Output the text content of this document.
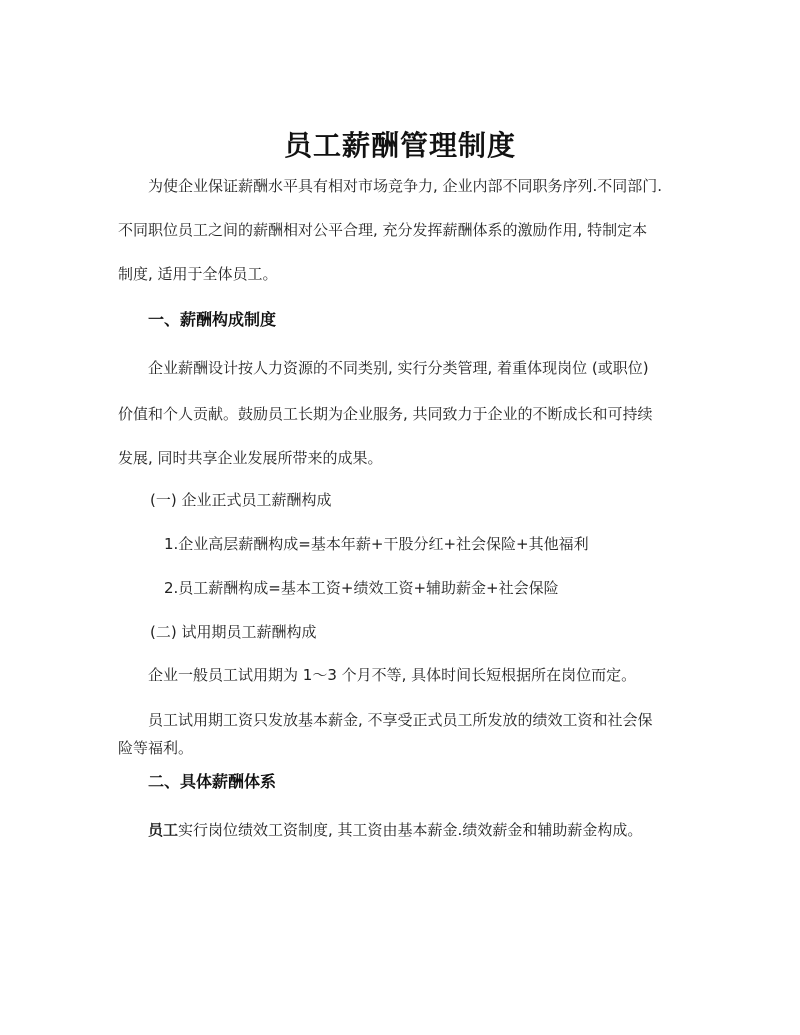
员工薪酬管理制度
为使企业保证薪酬水平具有相对市场竞争力, 企业内部不同职务序列.不同部门.
不同职位员工之间的薪酬相对公平合理, 充分发挥薪酬体系的激励作用, 特制定本
制度, 适用于全体员工。
一、薪酬构成制度
企业薪酬设计按人力资源的不同类别, 实行分类管理, 着重体现岗位 (或职位)
价值和个人贡献。鼓励员工长期为企业服务, 共同致力于企业的不断成长和可持续
发展, 同时共享企业发展所带来的成果。
(一) 企业正式员工薪酬构成
1.企业高层薪酬构成=基本年薪+干股分红+社会保险+其他福利
2.员工薪酬构成=基本工资+绩效工资+辅助薪金+社会保险
(二) 试用期员工薪酬构成
企业一般员工试用期为 1～3 个月不等, 具体时间长短根据所在岗位而定。
员工试用期工资只发放基本薪金, 不享受正式员工所发放的绩效工资和社会保
险等福利。
二、具体薪酬体系
员工实行岗位绩效工资制度, 其工资由基本薪金.绩效薪金和辅助薪金构成。
